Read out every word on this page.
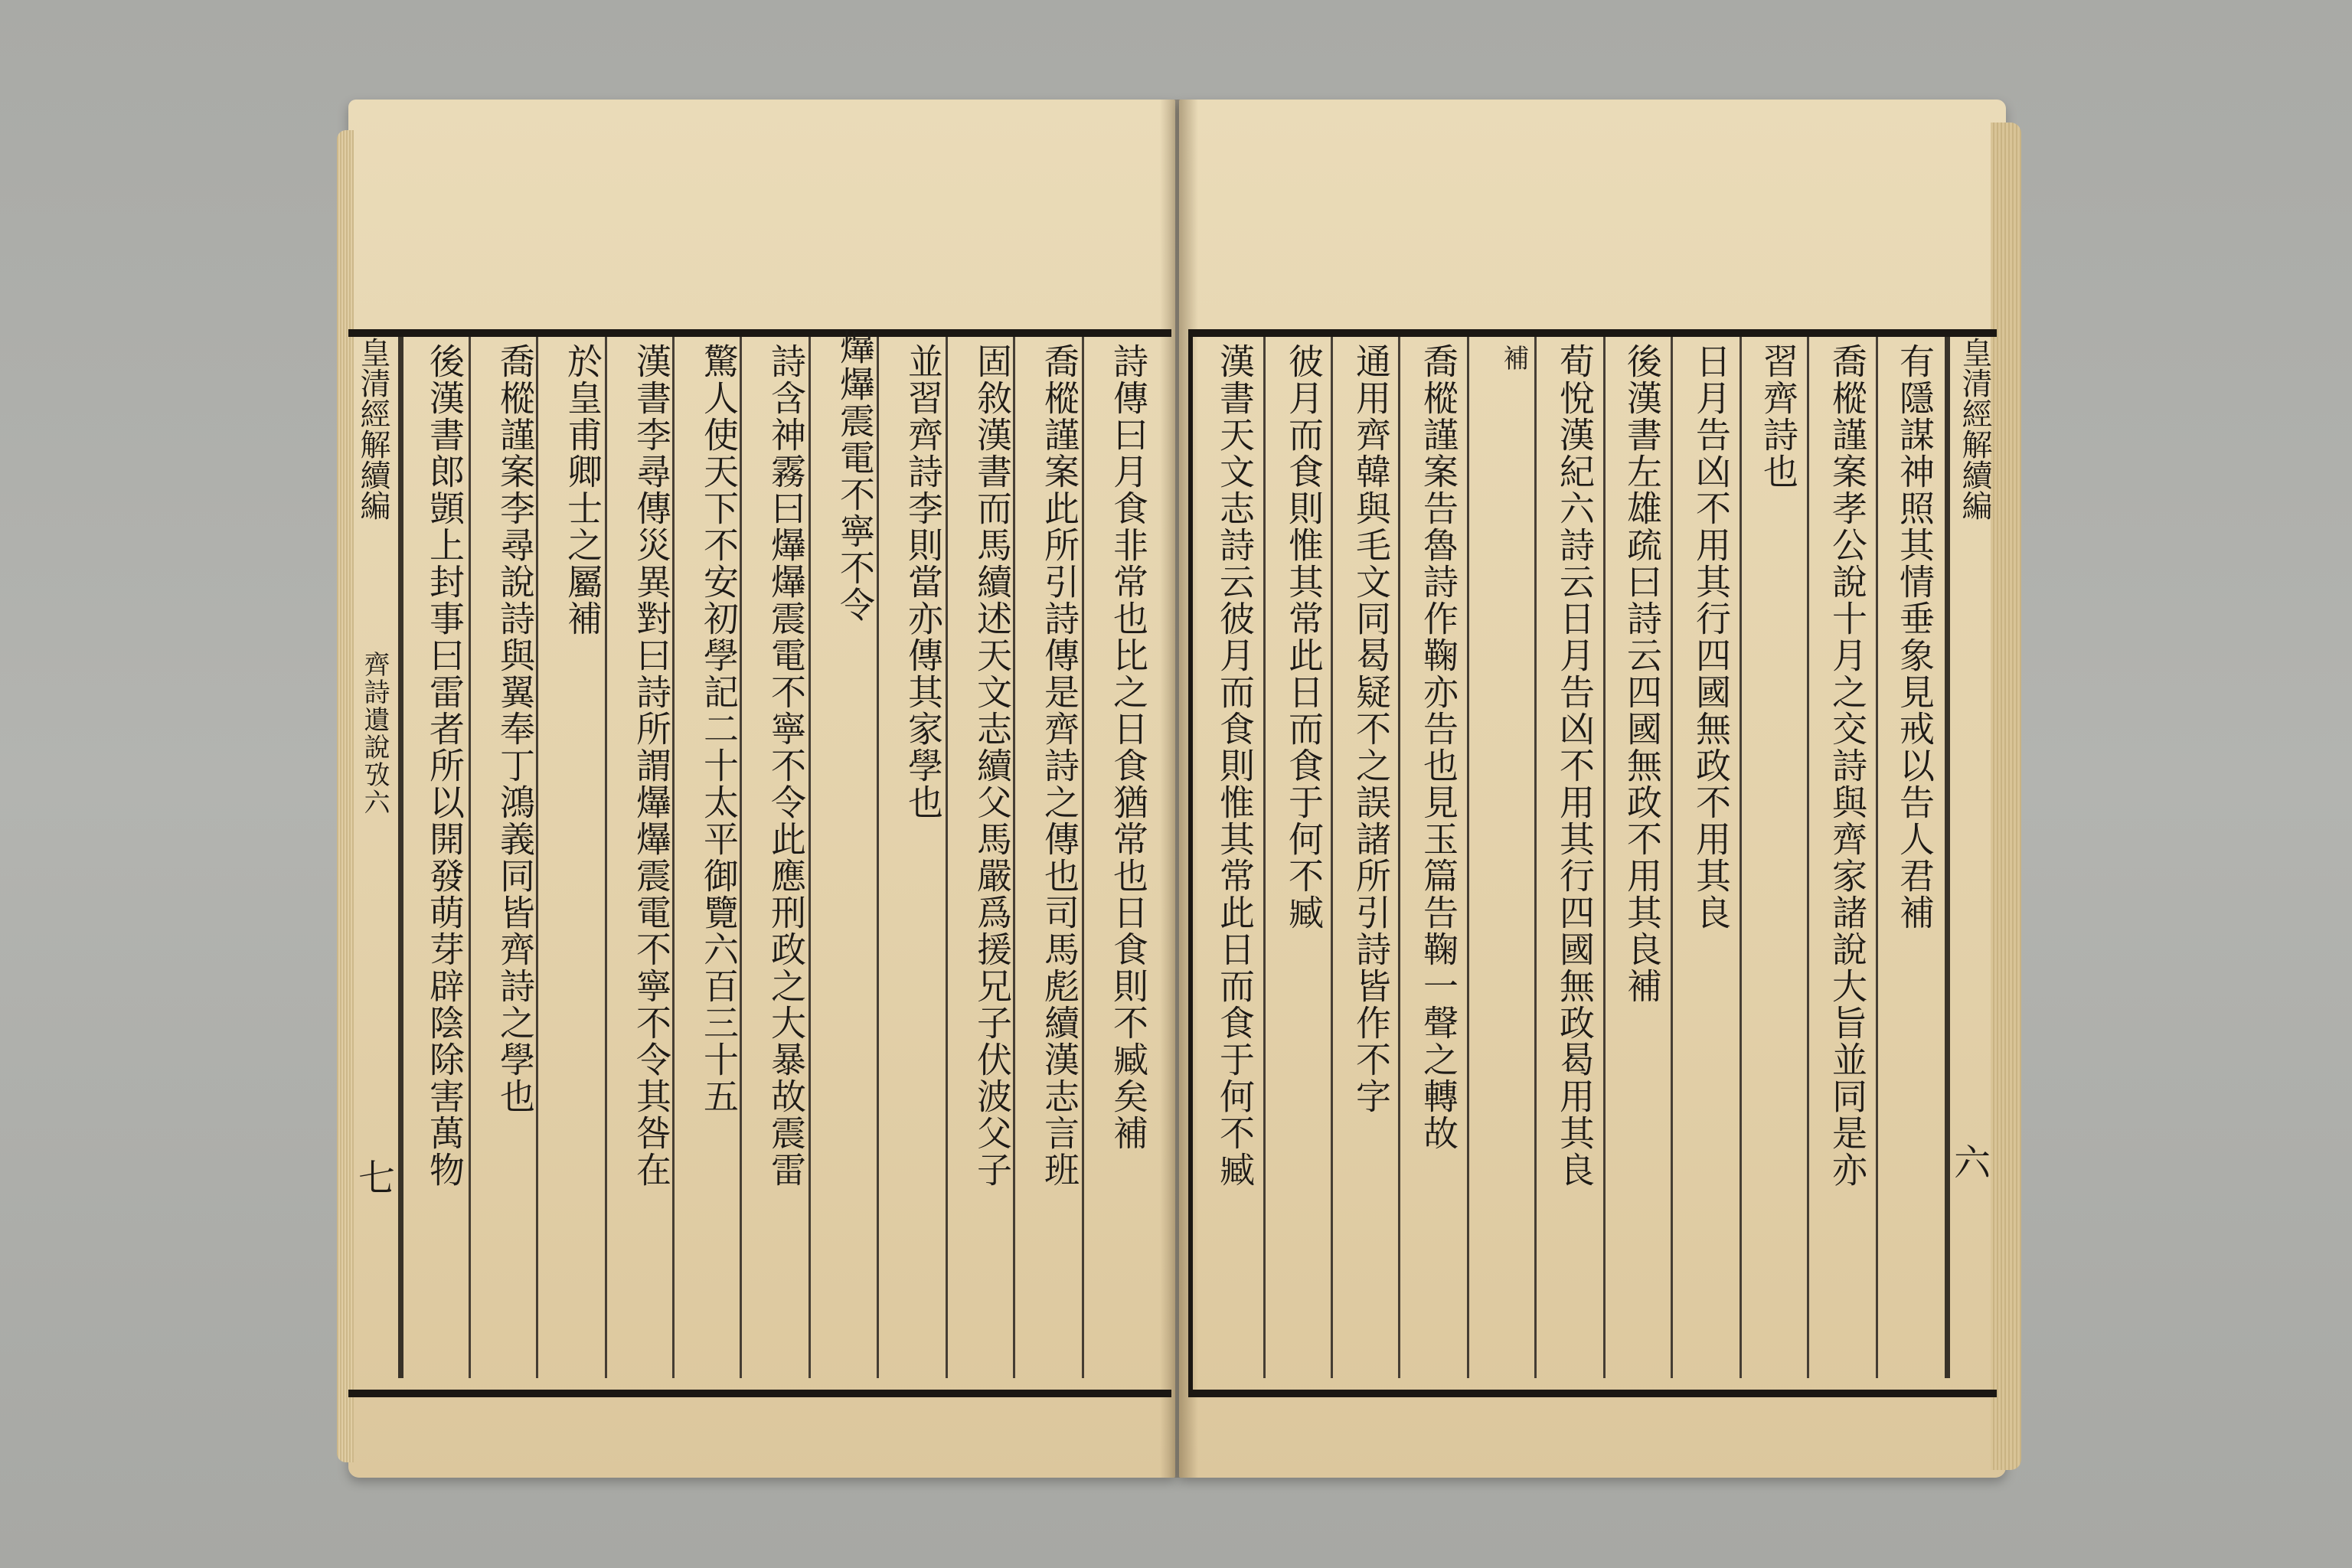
皇清經解續編
齊詩遺說攷六
七
詩傳曰月食非常也比之日食猶常也日食則不臧矣補
喬樅謹案此所引詩傳是齊詩之傳也司馬彪續漢志言班
固敘漢書而馬續述天文志續父馬嚴爲援兄子伏波父子
並習齊詩李則當亦傳其家學也
爗爗震電不寧不令
詩含神霧曰爗爗震電不寧不令此應刑政之大暴故震雷
驚人使天下不安初學記二十太平御覽六百三十五
漢書李尋傳災異對曰詩所謂爗爗震電不寧不令其咎在
於皇甫卿士之屬補
喬樅謹案李尋說詩與翼奉丁鴻義同皆齊詩之學也
後漢書郎顗上封事曰雷者所以開發萌芽辟陰除害萬物	皇清經解續編
六
有隱謀神照其情垂象見戒以告人君補
喬樅謹案孝公說十月之交詩與齊家諸說大旨並同是亦
習齊詩也
日月告凶不用其行四國無政不用其良
後漢書左雄疏曰詩云四國無政不用其良補
荀悅漢紀六詩云日月告凶不用其行四國無政曷用其良
補
喬樅謹案告魯詩作鞠亦告也見玉篇告鞠一聲之轉故
通用齊韓與毛文同曷疑不之誤諸所引詩皆作不字
彼月而食則惟其常此日而食于何不臧
漢書天文志詩云彼月而食則惟其常此日而食于何不臧
